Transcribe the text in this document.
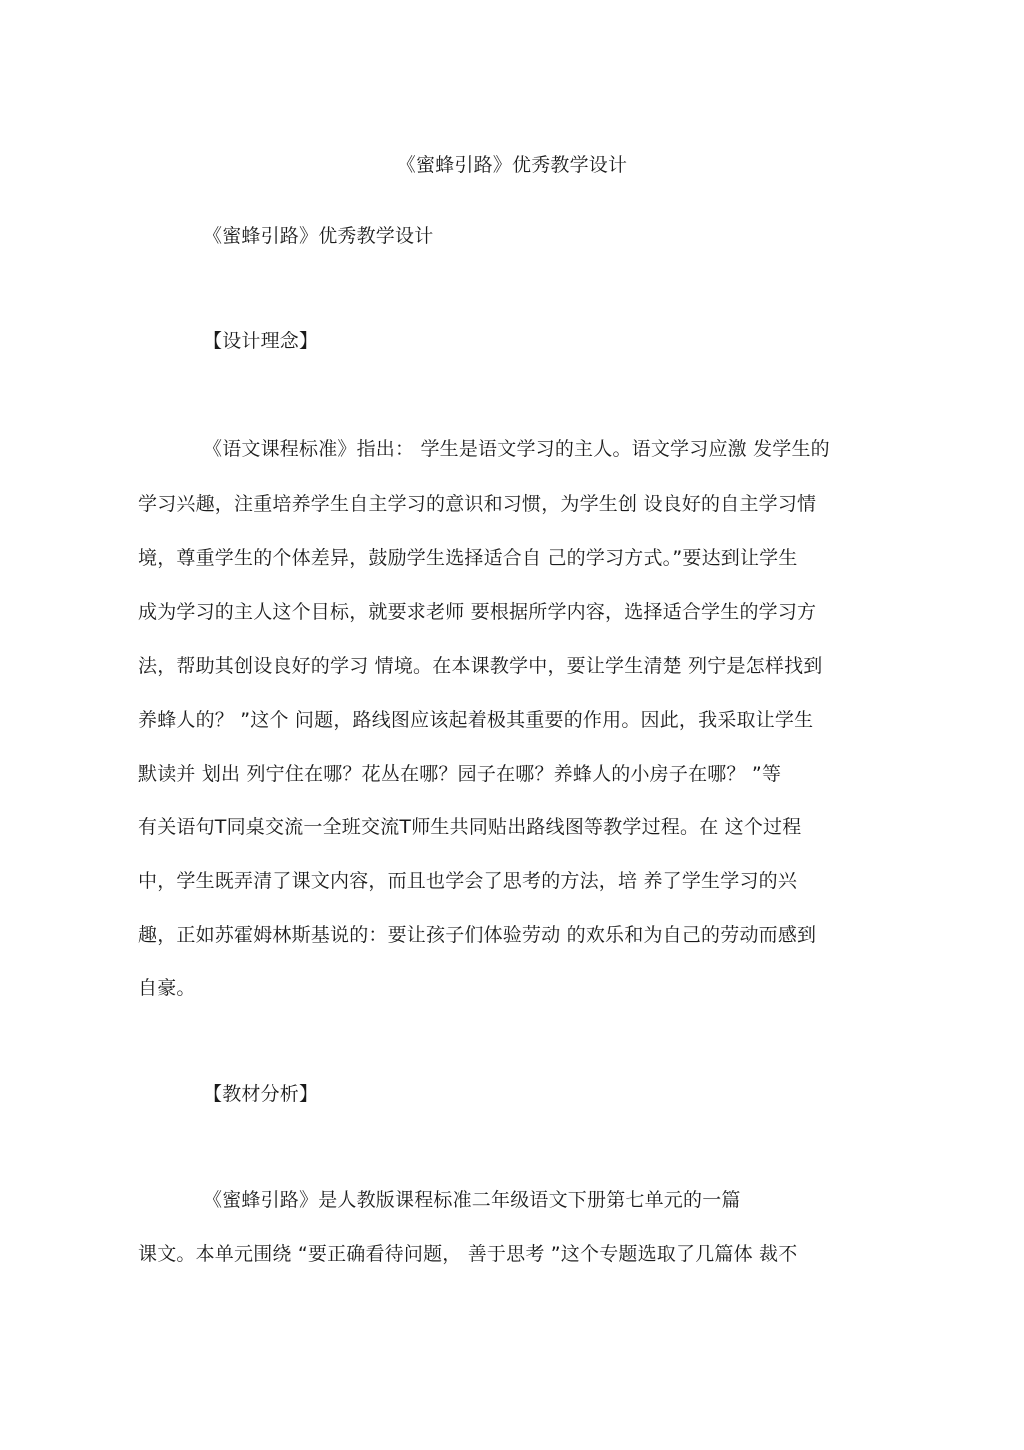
《蜜蜂引路》优秀教学设计
《蜜蜂引路》优秀教学设计
【设计理念】
《语文课程标准》指出： 学生是语文学习的主人。语文学习应激 发学生的
学习兴趣，注重培养学生自主学习的意识和习惯，为学生创 设良好的自主学习情
境，尊重学生的个体差异，鼓励学生选择适合自 己的学习方式。”要达到让学生
成为学习的主人这个目标，就要求老师 要根据所学内容，选择适合学生的学习方
法，帮助其创设良好的学习 情境。在本课教学中，要让学生清楚 列宁是怎样找到
养蜂人的？ ”这个 问题，路线图应该起着极其重要的作用。因此，我采取让学生
默读并 划出 列宁住在哪？花丛在哪？园子在哪？养蜂人的小房子在哪？ ”等
有关语句T同桌交流一全班交流T师生共同贴出路线图等教学过程。在 这个过程
中，学生既弄清了课文内容，而且也学会了思考的方法，培 养了学生学习的兴
趣，正如苏霍姆林斯基说的：要让孩子们体验劳动 的欢乐和为自己的劳动而感到
自豪。
【教材分析】
《蜜蜂引路》是人教版课程标准二年级语文下册第七单元的一篇
课文。本单元围绕 “要正确看待问题， 善于思考 ”这个专题选取了几篇体 裁不
